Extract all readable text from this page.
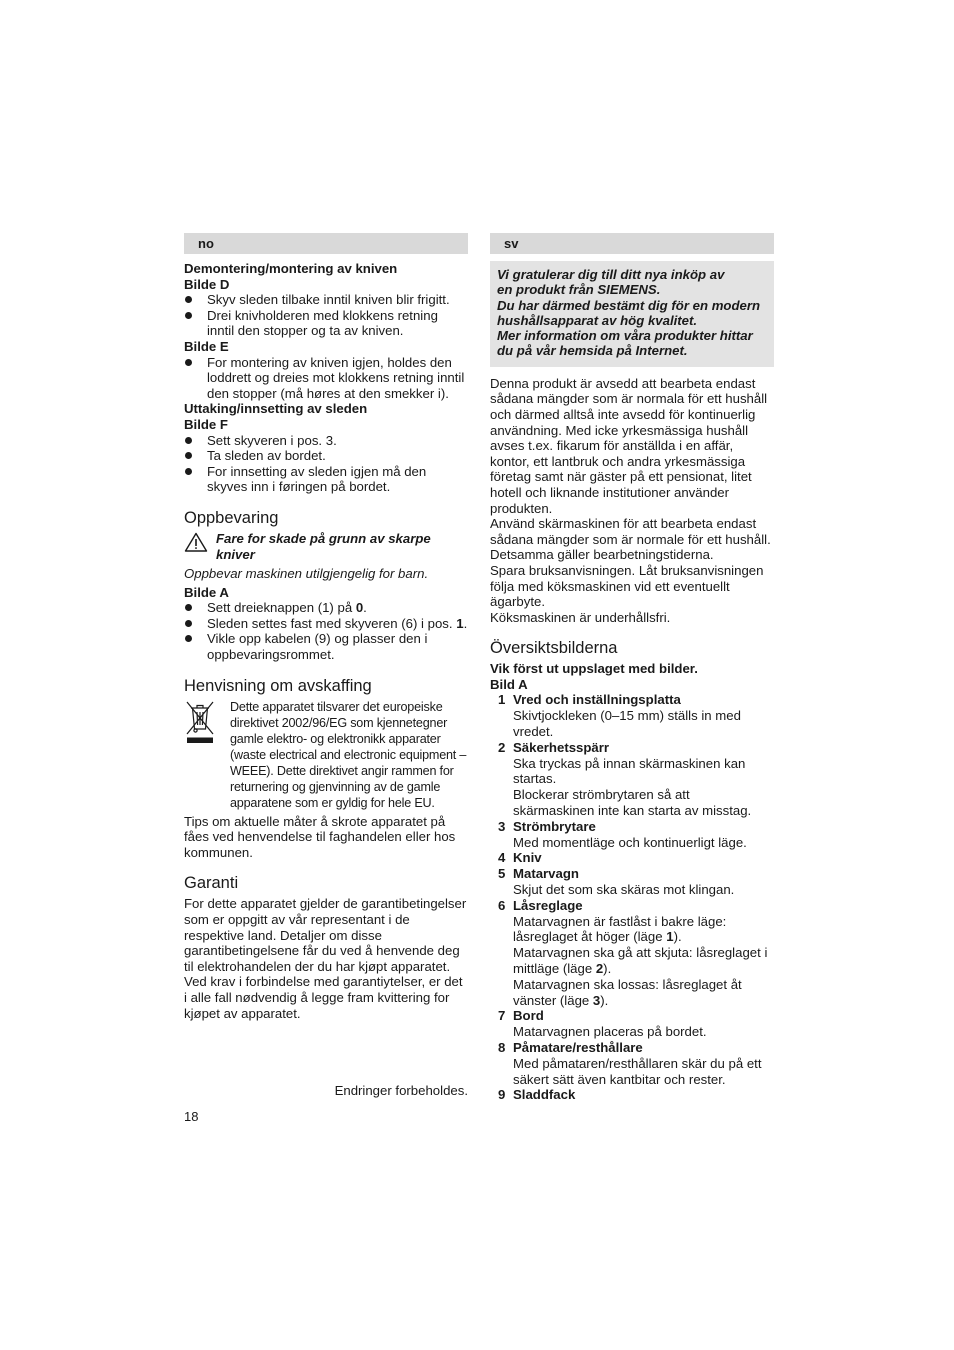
no

Demontering/montering av kniven

Bilde D

Skyv sleden tilbake inntil kniven blir frigitt.
Drei knivholderen med klokkens retning inntil den stopper og ta av kniven.

Bilde E

For montering av kniven igjen, holdes den loddrett og dreies mot klokkens retning inntil den stopper (må høres at den smekker i).

Uttaking/innsetting av sleden

Bilde F

Sett skyveren i pos. 3.
Ta sleden av bordet.
For innsetting av sleden igjen må den skyves inn i føringen på bordet.
Oppbevaring

Fare for skade på grunn av skarpe kniver

Oppbevar maskinen utilgjengelig for barn.

Bilde A

Sett dreieknappen (1) på 0.
Sleden settes fast med skyveren (6) i pos. 1.
Vikle opp kabelen (9) og plasser den i oppbevaringsrommet.
Henvisning om avskaffing

Dette apparatet tilsvarer det europeiske direktivet 2002/96/EG som kjennetegner gamle elektro- og elektronikk apparater (waste electrical and electronic equipment – WEEE). Dette direktivet angir rammen for returnering og gjenvinning av de gamle apparatene som er gyldig for hele EU.

Tips om aktuelle måter å skrote apparatet på fåes ved henvendelse til faghandelen eller hos kommunen.

Garanti

For dette apparatet gjelder de garantibetingelser som er oppgitt av vår representant i de respektive land. Detaljer om disse garantibetingelsene får du ved å henvende deg til elektrohandelen der du har kjøpt apparatet. Ved krav i forbindelse med garantiytelser, er det i alle fall nødvendig å legge fram kvittering for kjøpet av apparatet.

Endringer forbeholdes.
18
sv

Vi gratulerar dig till ditt nya inköp av

en produkt från SIEMENS.

Du har därmed bestämt dig för en modern

hushållsapparat av hög kvalitet.

Mer information om våra produkter hittar

du på vår hemsida på Internet.

Denna produkt är avsedd att bearbeta endast sådana mängder som är normala för ett hushåll och därmed alltså inte avsedd för kontinuerlig användning. Med icke yrkesmässiga hushåll avses t.ex. fikarum för anställda i en affär, kontor, ett lantbruk och andra yrkesmässiga företag samt när gäster på ett pensionat, litet hotell och liknande institutioner använder produkten.

Använd skärmaskinen för att bearbeta endast sådana mängder som är normale för ett hushåll. Detsamma gäller bearbetningstiderna.

Spara bruksanvisningen. Låt bruksanvisningen följa med köksmaskinen vid ett eventuellt ägarbyte.

Köksmaskinen är underhållsfri.

Översiktsbilderna

Vik först ut uppslaget med bilder.

Bild A

1 Vred och inställningsplatta
Skivtjockleken (0–15 mm) ställs in med vredet.
2 Säkerhetsspärr
Ska tryckas på innan skärmaskinen kan startas.
Blockerar strömbrytaren så att skärmaskinen inte kan starta av misstag.
3 Strömbrytare
Med momentläge och kontinuerligt läge.
4 Kniv
5 Matarvagn
Skjut det som ska skäras mot klingan.
6 Låsreglage
Matarvagnen är fastlåst i bakre läge: låsreglaget åt höger (läge 1).
Matarvagnen ska gå att skjuta: låsreglaget i mittläge (läge 2).
Matarvagnen ska lossas: låsreglaget åt vänster (läge 3).
7 Bord
Matarvagnen placeras på bordet.
8 Påmatare/resthållare
Med påmataren/resthållaren skär du på ett säkert sätt även kantbitar och rester.
9 Sladdfack
